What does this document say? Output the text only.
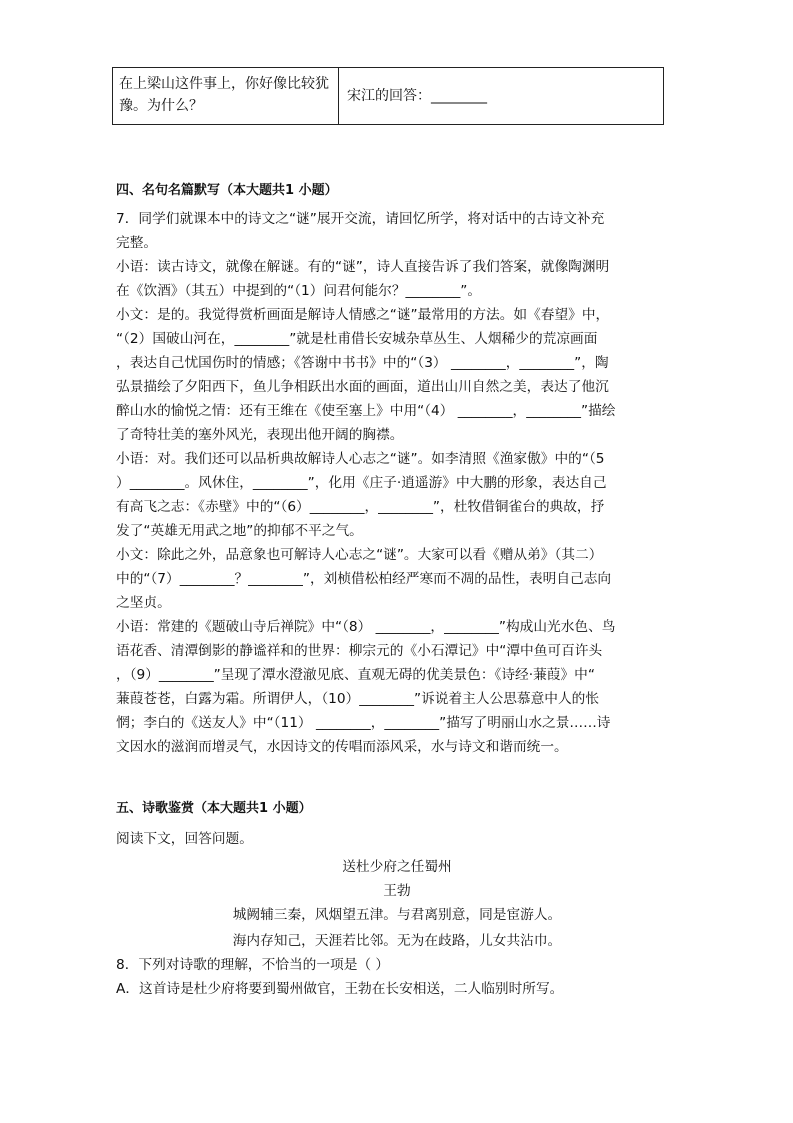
在上梁山这件事上，你好像比较犹豫。为什么？
宋江的回答：________
四、名句名篇默写（本大题共1 小题）
7．同学们就课本中的诗文之“谜”展开交流，请回忆所学，将对话中的古诗文补充
完整。
小语：读古诗文，就像在解谜。有的“谜”，诗人直接告诉了我们答案，就像陶渊明
在《饮酒》（其五）中提到的“（1）问君何能尔？________”。
小文：是的。我觉得赏析画面是解诗人情感之“谜”最常用的方法。如《春望》中，
“（2）国破山河在，________”就是杜甫借长安城杂草丛生、人烟稀少的荒凉画面
，表达自己忧国伤时的情感；《答谢中书书》中的“（3） ________，________”，陶
弘景描绘了夕阳西下，鱼儿争相跃出水面的画面，道出山川自然之美，表达了他沉
醉山水的愉悦之情：还有王维在《使至塞上》中用“（4） ________，________”描绘
了奇特壮美的塞外风光，表现出他开阔的胸襟。
小语：对。我们还可以品析典故解诗人心志之“谜”。如李清照《渔家傲》中的“（5
）________。风休住，________”，化用《庄子·逍遥游》中大鹏的形象，表达自己
有高飞之志：《赤壁》中的“（6）________，________”，杜牧借铜雀台的典故，抒
发了“英雄无用武之地”的抑郁不平之气。
小文：除此之外，品意象也可解诗人心志之“谜”。大家可以看《赠从弟》（其二）
中的“（7）________？________”，刘桢借松柏经严寒而不凋的品性，表明自己志向
之坚贞。
小语：常建的《题破山寺后禅院》中“（8） ________，________”构成山光水色、鸟
语花香、清潭倒影的静谧祥和的世界：柳宗元的《小石潭记》中“潭中鱼可百许头
，（9）________”呈现了潭水澄澈见底、直观无碍的优美景色：《诗经·蒹葭》中“
蒹葭苍苍，白露为霜。所谓伊人，（10）________”诉说着主人公思慕意中人的怅
惘；李白的《送友人》中“（11） ________，________”描写了明丽山水之景……诗
文因水的滋润而增灵气，水因诗文的传唱而添风采，水与诗文和谐而统一。
五、诗歌鉴赏（本大题共1 小题）
阅读下文，回答问题。
送杜少府之任蜀州
王勃
城阙辅三秦，风烟望五津。与君离别意，同是宦游人。
海内存知己，天涯若比邻。无为在歧路，儿女共沾巾。
8．下列对诗歌的理解，不恰当的一项是（ ）
A．这首诗是杜少府将要到蜀州做官，王勃在长安相送，二人临别时所写。
